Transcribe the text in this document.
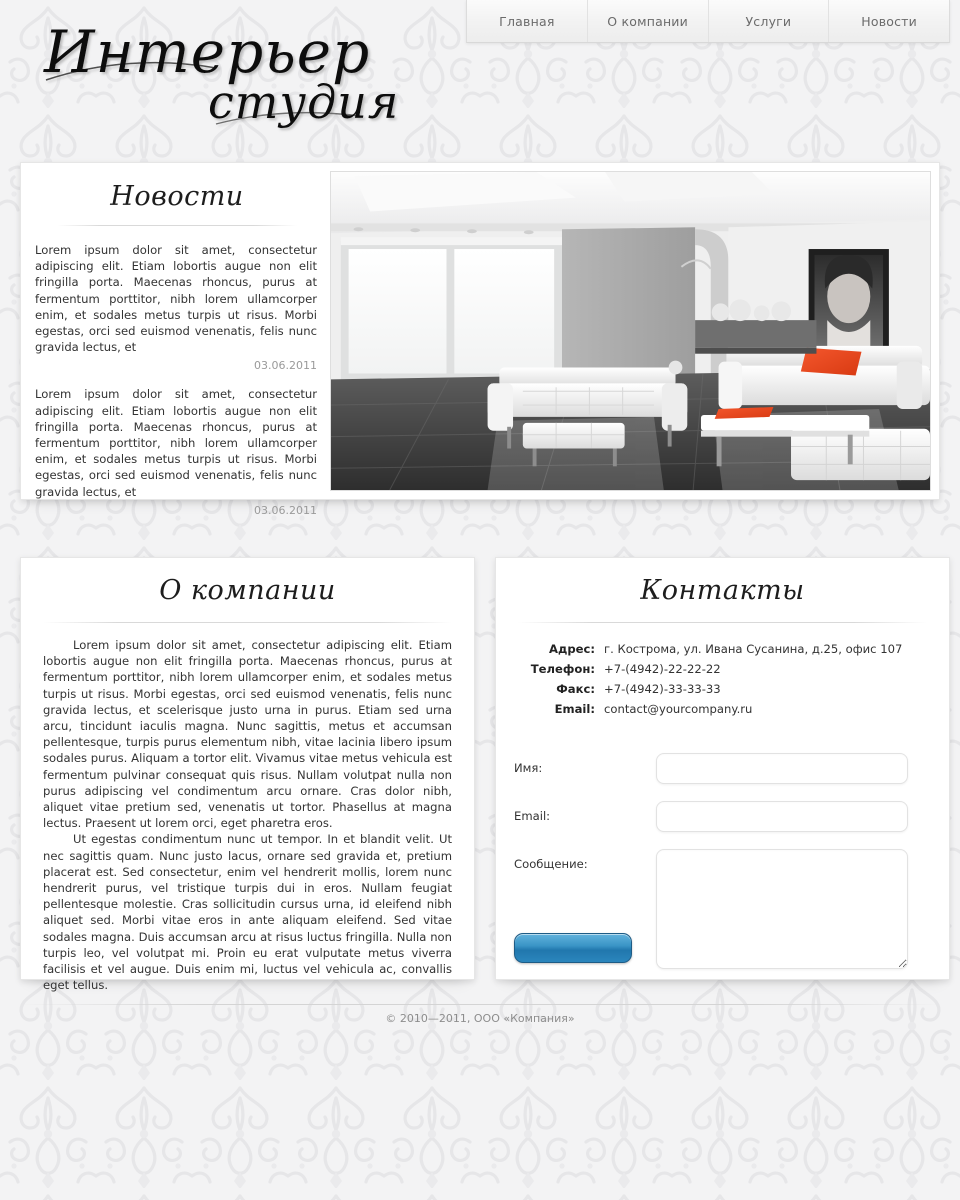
Интерьер
студия
Главная	О компании	Услуги	Новости
Новости

Lorem ipsum dolor sit amet, consectetur adipiscing elit. Etiam lobortis augue non elit fringilla porta. Maecenas rhoncus, purus at fermentum porttitor, nibh lorem ullamcorper enim, et sodales metus turpis ut risus. Morbi egestas, orci sed euismod venenatis, felis nunc gravida lectus, et

03.06.2011

Lorem ipsum dolor sit amet, consectetur adipiscing elit. Etiam lobortis augue non elit fringilla porta. Maecenas rhoncus, purus at fermentum porttitor, nibh lorem ullamcorper enim, et sodales metus turpis ut risus. Morbi egestas, orci sed euismod venenatis, felis nunc gravida lectus, et

03.06.2011
О компании

Lorem ipsum dolor sit amet, consectetur adipiscing elit. Etiam lobortis augue non elit fringilla porta. Maecenas rhoncus, purus at fermentum porttitor, nibh lorem ullamcorper enim, et sodales metus turpis ut risus. Morbi egestas, orci sed euismod venenatis, felis nunc gravida lectus, et scelerisque justo urna in purus. Etiam sed urna arcu, tincidunt iaculis magna. Nunc sagittis, metus et accumsan pellentesque, turpis purus elementum nibh, vitae lacinia libero ipsum sodales purus. Aliquam a tortor elit. Vivamus vitae metus vehicula est fermentum pulvinar consequat quis risus. Nullam volutpat nulla non purus adipiscing vel condimentum arcu ornare. Cras dolor nibh, aliquet vitae pretium sed, venenatis ut tortor. Phasellus at magna lectus. Praesent ut lorem orci, eget pharetra eros.

Ut egestas condimentum nunc ut tempor. In et blandit velit. Ut nec sagittis quam. Nunc justo lacus, ornare sed gravida et, pretium placerat est. Sed consectetur, enim vel hendrerit mollis, lorem nunc hendrerit purus, vel tristique turpis dui in eros. Nullam feugiat pellentesque molestie. Cras sollicitudin cursus urna, id eleifend nibh aliquet sed. Morbi vitae eros in ante aliquam eleifend. Sed vitae sodales magna. Duis accumsan arcu at risus luctus fringilla. Nulla non turpis leo, vel volutpat mi. Proin eu erat vulputate metus viverra facilisis et vel augue. Duis enim mi, luctus vel vehicula ac, convallis eget tellus.

Контакты
Адрес: г. Кострома, ул. Ивана Сусанина, д.25, офис 107
Телефон: +7-(4942)-22-22-22
Факс: +7-(4942)-33-33-33
Email: contact@yourcompany.ru
Имя:
Email:
Сообщение:
© 2010—2011, ООО «Компания»
